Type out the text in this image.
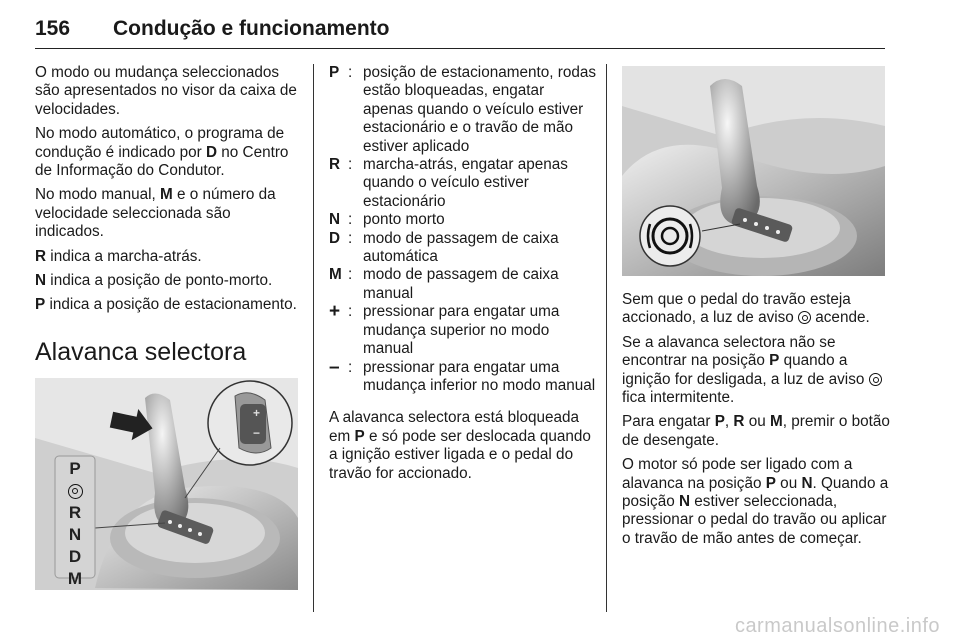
156 Condução e funcionamento

O modo ou mudança seleccionados são apresentados no visor da caixa de velocidades.

No modo automático, o programa de condução é indicado por D no Centro de Informação do Condutor.

No modo manual, M e o número da velocidade seleccionada são indicados.

R indica a marcha-atrás.

N indica a posição de ponto-morto.

P indica a posição de estacionamento.

Alavanca selectora
P
R
N
D
M
+
−
P : posição de estacionamento, rodas estão bloqueadas, engatar apenas quando o veículo estiver estacionário e o travão de mão estiver aplicado
R : marcha-atrás, engatar apenas quando o veículo estiver estacionário
N : ponto morto
D : modo de passagem de caixa automática
M : modo de passagem de caixa manual
+ : pressionar para engatar uma mudança superior no modo manual
– : pressionar para engatar uma mudança inferior no modo manual

A alavanca selectora está bloqueada em P e só pode ser deslocada quando a ignição estiver ligada e o pedal do travão for accionado.

Sem que o pedal do travão esteja accionado, a luz de aviso  acende.

Se a alavanca selectora não se encontrar na posição P quando a ignição for desligada, a luz de aviso  fica intermitente.

Para engatar P, R ou M, premir o botão de desengate.

O motor só pode ser ligado com a alavanca na posição P ou N. Quando a posição N estiver seleccionada, pressionar o pedal do travão ou aplicar o travão de mão antes de começar.

carmanualsonline.info
